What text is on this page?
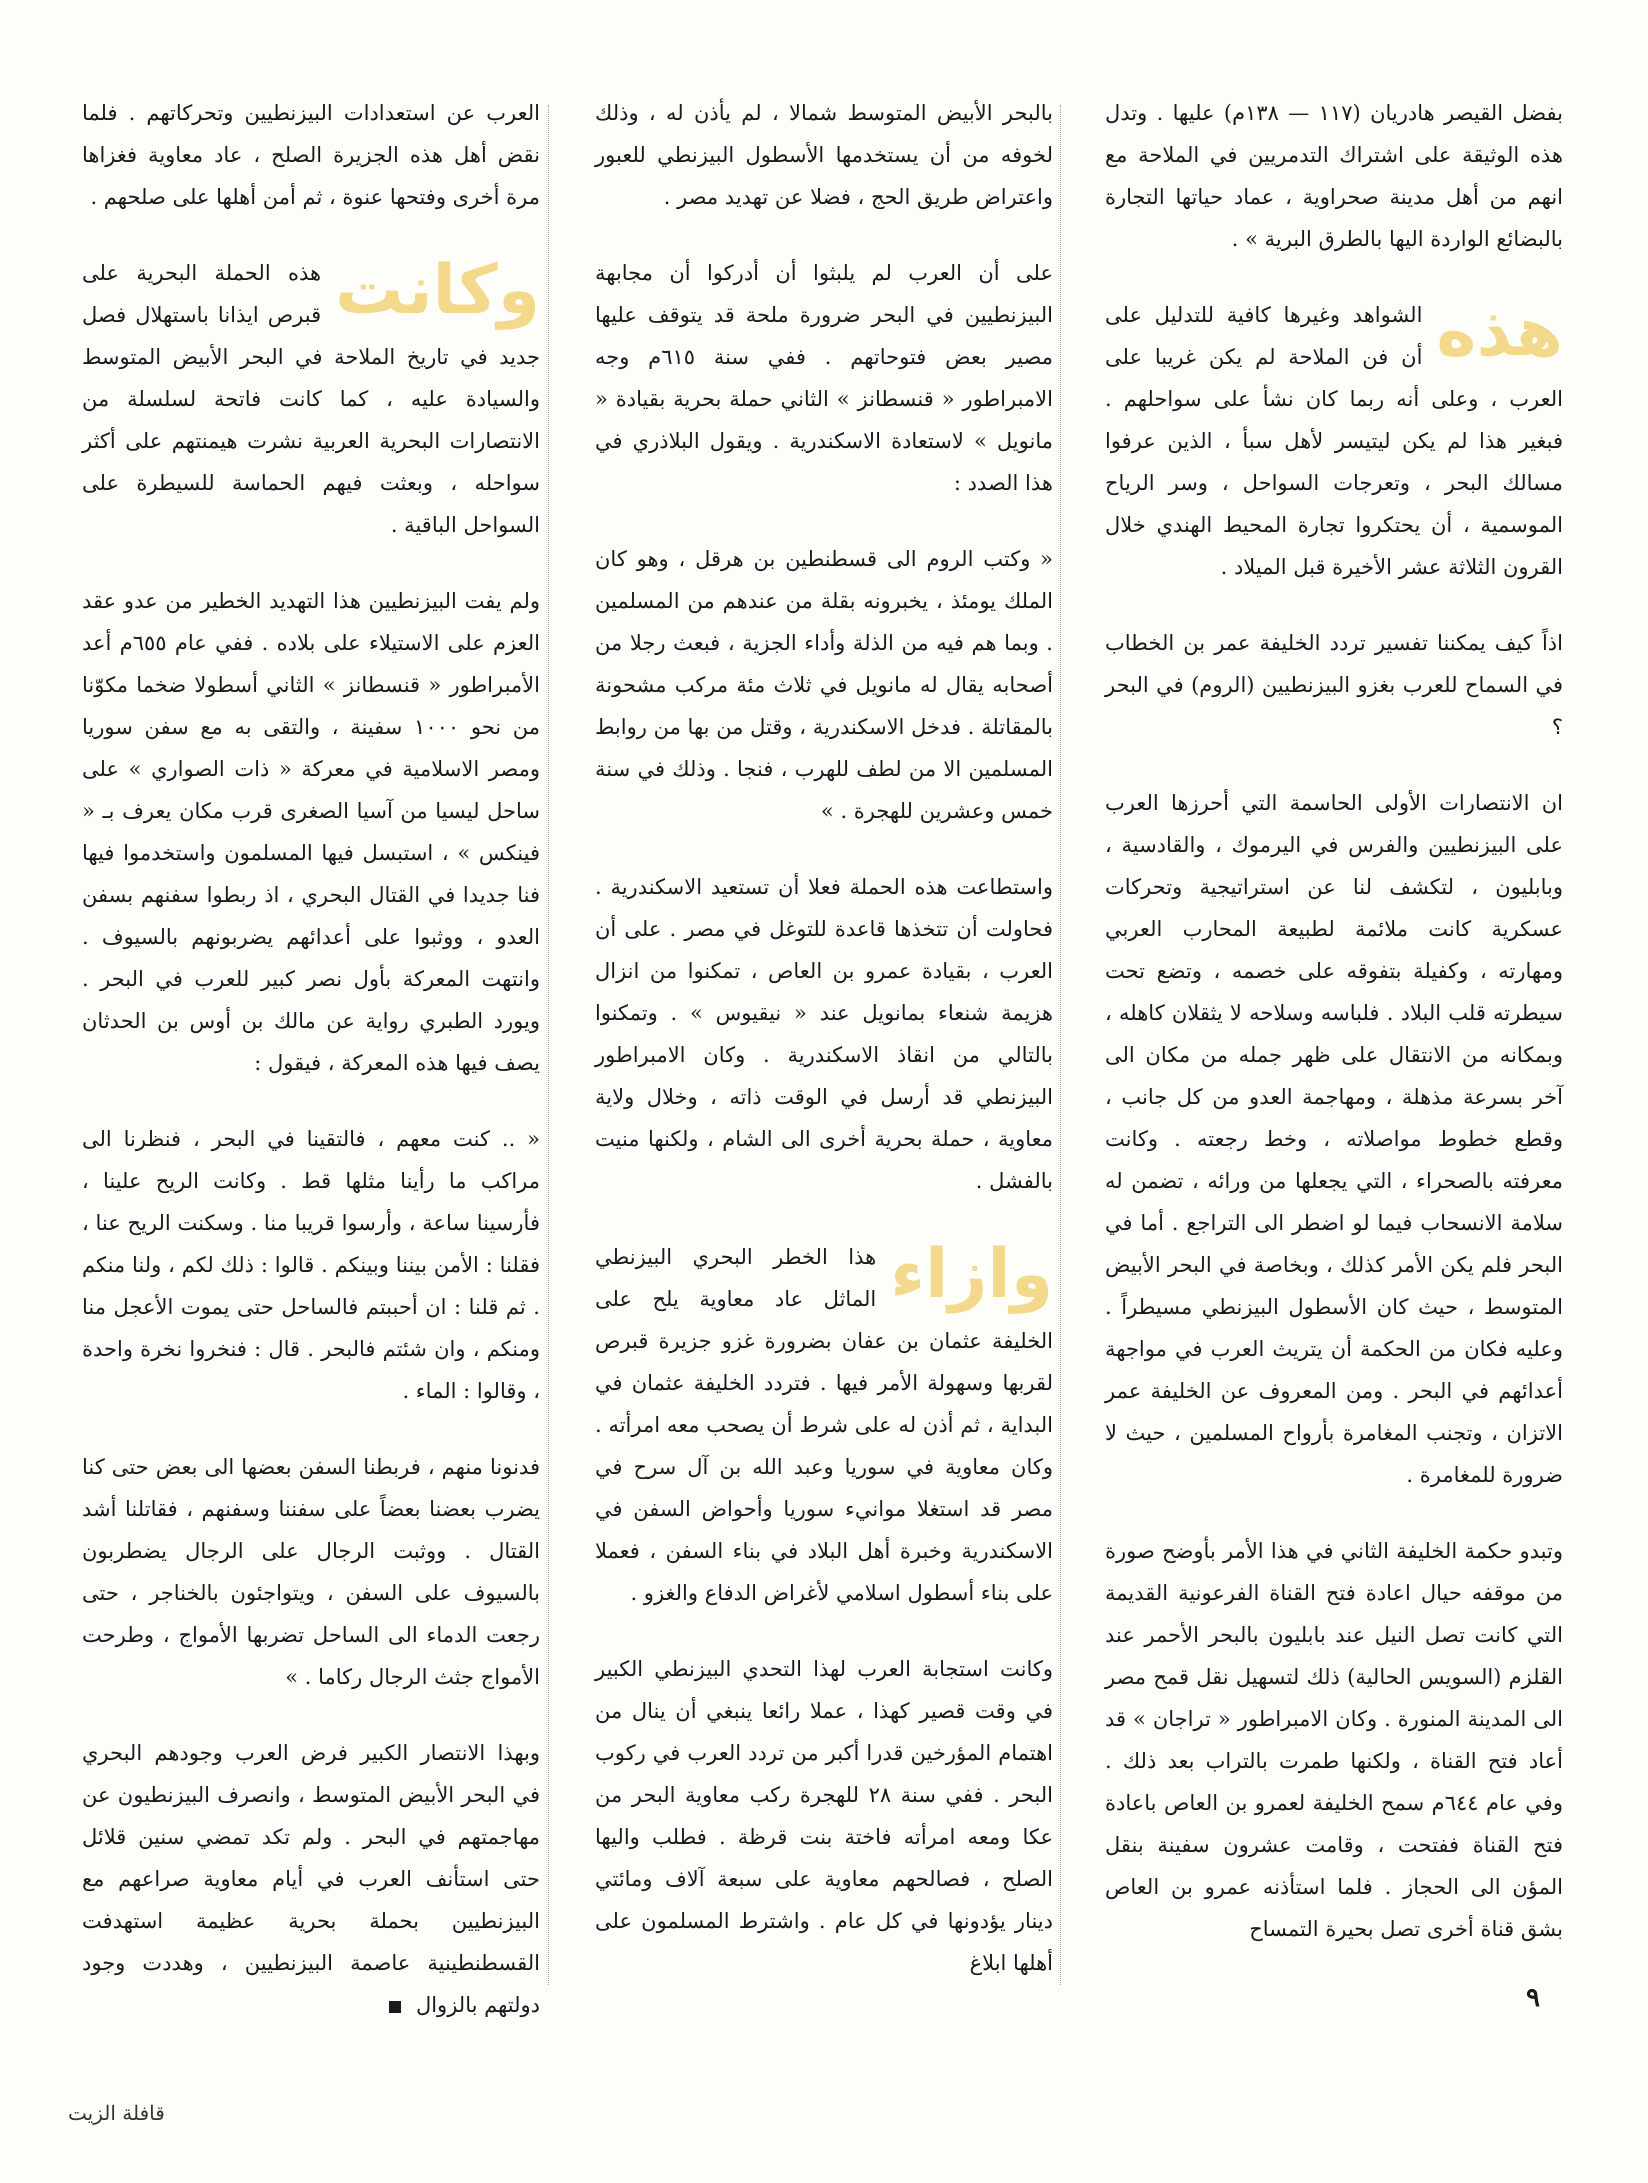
بفضل القيصر هادريان (١١٧ — ١٣٨م) عليها . وتدل هذه الوثيقة على اشتراك التدمريين في الملاحة مع انهم من أهل مدينة صحراوية ، عماد حياتها التجارة بالبضائع الواردة اليها بالطرق البرية » .

هذه
الشواهد وغيرها كافية للتدليل على أن فن الملاحة لم يكن غريبا على العرب ، وعلى أنه ربما كان نشأ على سواحلهم . فبغير هذا لم يكن ليتيسر لأهل سبأ ، الذين عرفوا مسالك البحر ، وتعرجات السواحل ، وسر الرياح الموسمية ، أن يحتكروا تجارة المحيط الهندي خلال القرون الثلاثة عشر الأخيرة قبل الميلاد .

اذاً كيف يمكننا تفسير تردد الخليفة عمر بن الخطاب في السماح للعرب بغزو البيزنطيين (الروم) في البحر ؟

ان الانتصارات الأولى الحاسمة التي أحرزها العرب على البيزنطيين والفرس في اليرموك ، والقادسية ، وبابليون ، لتكشف لنا عن استراتيجية وتحركات عسكرية كانت ملائمة لطبيعة المحارب العربي ومهارته ، وكفيلة بتفوقه على خصمه ، وتضع تحت سيطرته قلب البلاد . فلباسه وسلاحه لا يثقلان كاهله ، وبمكانه من الانتقال على ظهر جمله من مكان الى آخر بسرعة مذهلة ، ومهاجمة العدو من كل جانب ، وقطع خطوط مواصلاته ، وخط رجعته . وكانت معرفته بالصحراء ، التي يجعلها من ورائه ، تضمن له سلامة الانسحاب فيما لو اضطر الى التراجع . أما في البحر فلم يكن الأمر كذلك ، وبخاصة في البحر الأبيض المتوسط ، حيث كان الأسطول البيزنطي مسيطراً . وعليه فكان من الحكمة أن يتريث العرب في مواجهة أعدائهم في البحر . ومن المعروف عن الخليفة عمر الاتزان ، وتجنب المغامرة بأرواح المسلمين ، حيث لا ضرورة للمغامرة .

وتبدو حكمة الخليفة الثاني في هذا الأمر بأوضح صورة من موقفه حيال اعادة فتح القناة الفرعونية القديمة التي كانت تصل النيل عند بابليون بالبحر الأحمر عند القلزم (السويس الحالية) ذلك لتسهيل نقل قمح مصر الى المدينة المنورة . وكان الامبراطور « تراجان » قد أعاد فتح القناة ، ولكنها طمرت بالتراب بعد ذلك . وفي عام ٦٤٤م سمح الخليفة لعمرو بن العاص باعادة فتح القناة ففتحت ، وقامت عشرون سفينة بنقل المؤن الى الحجاز . فلما استأذنه عمرو بن العاص بشق قناة أخرى تصل بحيرة التمساح

بالبحر الأبيض المتوسط شمالا ، لم يأذن له ، وذلك لخوفه من أن يستخدمها الأسطول البيزنطي للعبور واعتراض طريق الحج ، فضلا عن تهديد مصر .

على أن العرب لم يلبثوا أن أدركوا أن مجابهة البيزنطيين في البحر ضرورة ملحة قد يتوقف عليها مصير بعض فتوحاتهم . ففي سنة ٦١٥م وجه الامبراطور « قنسطانز » الثاني حملة بحرية بقيادة « مانويل » لاستعادة الاسكندرية . ويقول البلاذري في هذا الصدد :

« وكتب الروم الى قسطنطين بن هرقل ، وهو كان الملك يومئذ ، يخبرونه بقلة من عندهم من المسلمين . وبما هم فيه من الذلة وأداء الجزية ، فبعث رجلا من أصحابه يقال له مانويل في ثلاث مئة مركب مشحونة بالمقاتلة . فدخل الاسكندرية ، وقتل من بها من روابط المسلمين الا من لطف للهرب ، فنجا . وذلك في سنة خمس وعشرين للهجرة . »

واستطاعت هذه الحملة فعلا أن تستعيد الاسكندرية . فحاولت أن تتخذها قاعدة للتوغل في مصر . على أن العرب ، بقيادة عمرو بن العاص ، تمكنوا من انزال هزيمة شنعاء بمانويل عند « نيقيوس » . وتمكنوا بالتالي من انقاذ الاسكندرية . وكان الامبراطور البيزنطي قد أرسل في الوقت ذاته ، وخلال ولاية معاوية ، حملة بحرية أخرى الى الشام ، ولكنها منيت بالفشل .

وازاء
هذا الخطر البحري البيزنطي الماثل عاد معاوية يلح على الخليفة عثمان بن عفان بضرورة غزو جزيرة قبرص لقربها وسهولة الأمر فيها . فتردد الخليفة عثمان في البداية ، ثم أذن له على شرط أن يصحب معه امرأته . وكان معاوية في سوريا وعبد الله بن آل سرح في مصر قد استغلا موانيء سوريا وأحواض السفن في الاسكندرية وخبرة أهل البلاد في بناء السفن ، فعملا على بناء أسطول اسلامي لأغراض الدفاع والغزو .

وكانت استجابة العرب لهذا التحدي البيزنطي الكبير في وقت قصير كهذا ، عملا رائعا ينبغي أن ينال من اهتمام المؤرخين قدرا أكبر من تردد العرب في ركوب البحر . ففي سنة ٢٨ للهجرة ركب معاوية البحر من عكا ومعه امرأته فاختة بنت قرظة . فطلب واليها الصلح ، فصالحهم معاوية على سبعة آلاف ومائتي دينار يؤدونها في كل عام . واشترط المسلمون على أهلها ابلاغ

العرب عن استعدادات البيزنطيين وتحركاتهم . فلما نقض أهل هذه الجزيرة الصلح ، عاد معاوية فغزاها مرة أخرى وفتحها عنوة ، ثم أمن أهلها على صلحهم .

وكانت
هذه الحملة البحرية على قبرص ايذانا باستهلال فصل جديد في تاريخ الملاحة في البحر الأبيض المتوسط والسيادة عليه ، كما كانت فاتحة لسلسلة من الانتصارات البحرية العربية نشرت هيمنتهم على أكثر سواحله ، وبعثت فيهم الحماسة للسيطرة على السواحل الباقية .

ولم يفت البيزنطيين هذا التهديد الخطير من عدو عقد العزم على الاستيلاء على بلاده . ففي عام ٦٥٥م أعد الأمبراطور « قنسطانز » الثاني أسطولا ضخما مكوّنا من نحو ١٠٠٠ سفينة ، والتقى به مع سفن سوريا ومصر الاسلامية في معركة « ذات الصواري » على ساحل ليسيا من آسيا الصغرى قرب مكان يعرف بـ « فينكس » ، استبسل فيها المسلمون واستخدموا فيها فنا جديدا في القتال البحري ، اذ ربطوا سفنهم بسفن العدو ، ووثبوا على أعدائهم يضربونهم بالسيوف . وانتهت المعركة بأول نصر كبير للعرب في البحر . ويورد الطبري رواية عن مالك بن أوس بن الحدثان يصف فيها هذه المعركة ، فيقول :

« .. كنت معهم ، فالتقينا في البحر ، فنظرنا الى مراكب ما رأينا مثلها قط . وكانت الريح علينا ، فأرسينا ساعة ، وأرسوا قريبا منا . وسكنت الريح عنا ، فقلنا : الأمن بيننا وبينكم . قالوا : ذلك لكم ، ولنا منكم . ثم قلنا : ان أحببتم فالساحل حتى يموت الأعجل منا ومنكم ، وان شئتم فالبحر . قال : فنخروا نخرة واحدة ، وقالوا : الماء .

فدنونا منهم ، فربطنا السفن بعضها الى بعض حتى كنا يضرب بعضنا بعضاً على سفننا وسفنهم ، فقاتلنا أشد القتال . ووثبت الرجال على الرجال يضطربون بالسيوف على السفن ، ويتواجئون بالخناجر ، حتى رجعت الدماء الى الساحل تضربها الأمواج ، وطرحت الأمواج جثث الرجال ركاما . »

وبهذا الانتصار الكبير فرض العرب وجودهم البحري في البحر الأبيض المتوسط ، وانصرف البيزنطيون عن مهاجمتهم في البحر . ولم تكد تمضي سنين قلائل حتى استأنف العرب في أيام معاوية صراعهم مع البيزنطيين بحملة بحرية عظيمة استهدفت القسطنطينية عاصمة البيزنطيين ، وهددت وجود دولتهم بالزوال	٩
قافلة الزيت
